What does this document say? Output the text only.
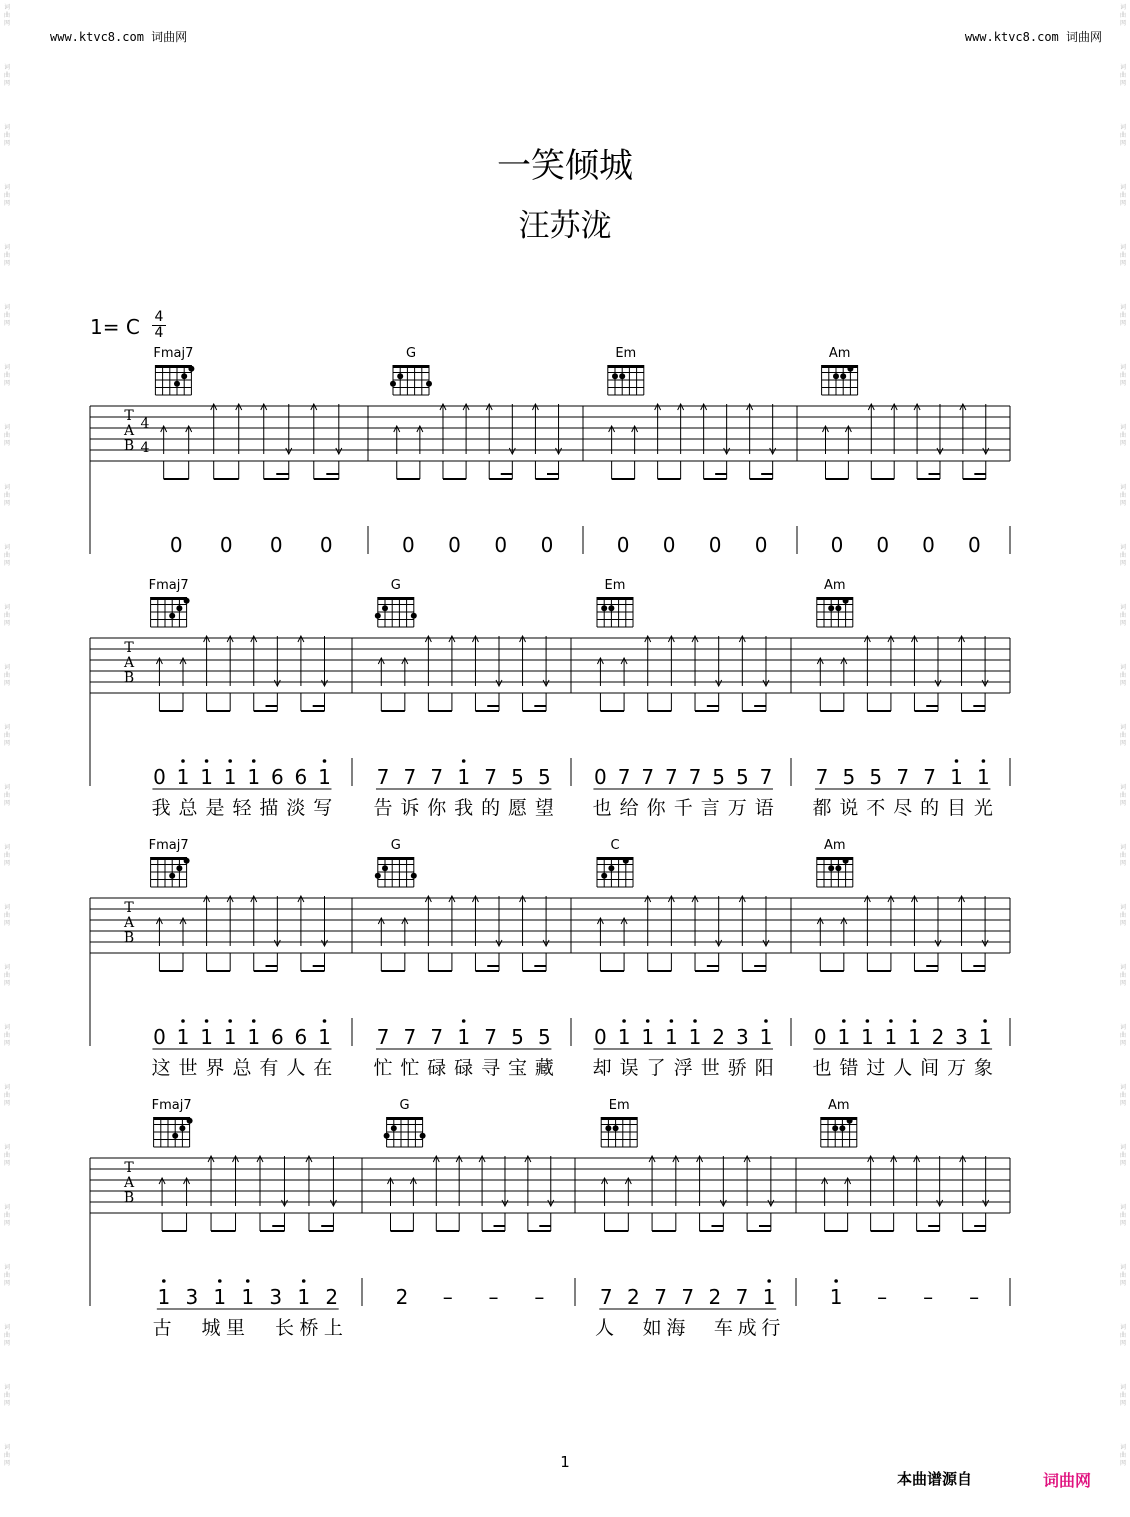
www.ktvc8.com 词曲网	www.ktvc8.com 词曲网
词
曲
网
词
曲
网
词
曲
网
词
曲
网
词
曲
网
词
曲
网
词
曲
网
词
曲
网
词
曲
网
词
曲
网
词
曲
网
词
曲
网
词
曲
网
词
曲
网
词
曲
网
词
曲
网
词
曲
网
词
曲
网
词
曲
网
词
曲
网
词
曲
网
词
曲
网
词
曲
网
词
曲
网
词
曲
网
词
曲
网
词
曲
网
词
曲
网
词
曲
网
词
曲
网
词
曲
网
词
曲
网
词
曲
网
词
曲
网
词
曲
网
词
曲
网
词
曲
网
词
曲
网
词
曲
网
词
曲
网
词
曲
网
词
曲
网
词
曲
网
词
曲
网
词
曲
网
词
曲
网
词
曲
网
词
曲
网
词
曲
网
词
曲
网
一笑倾城
汪苏泷
1= C 4
4
T
A
B
4
4
Fmaj7
0 0 0 0
G
0 0 0 0
Em
0 0 0 0
Am
0 0 0 0
T
A
B
Fmaj7
0 1 1 1 1 6 6 1
我 总 是 轻 描 淡 写
G
7 7 7 1 7 5 5
告 诉 你 我 的 愿 望
Em
0 7 7 7 7 5 5 7
也 给 你 千 言 万 语
Am
7 5 5 7 7 1 1
都 说 不 尽 的 目 光
T
A
B
Fmaj7
0 1 1 1 1 6 6 1
这 世 界 总 有 人 在
G
7 7 7 1 7 5 5
忙 忙 碌 碌 寻 宝 藏
C
0 1 1 1 1 2 3 1
却 误 了 浮 世 骄 阳
Am
0 1 1 1 1 2 3 1
也 错 过 人 间 万 象
T
A
B
Fmaj7
1 3 1 1 3 1 2
古 城 里 长 桥 上
G
2 – – –
Em
7 2 7 7 2 7 1
人 如 海 车 成 行
Am
1 – – –
1
本曲谱源自	词曲网
